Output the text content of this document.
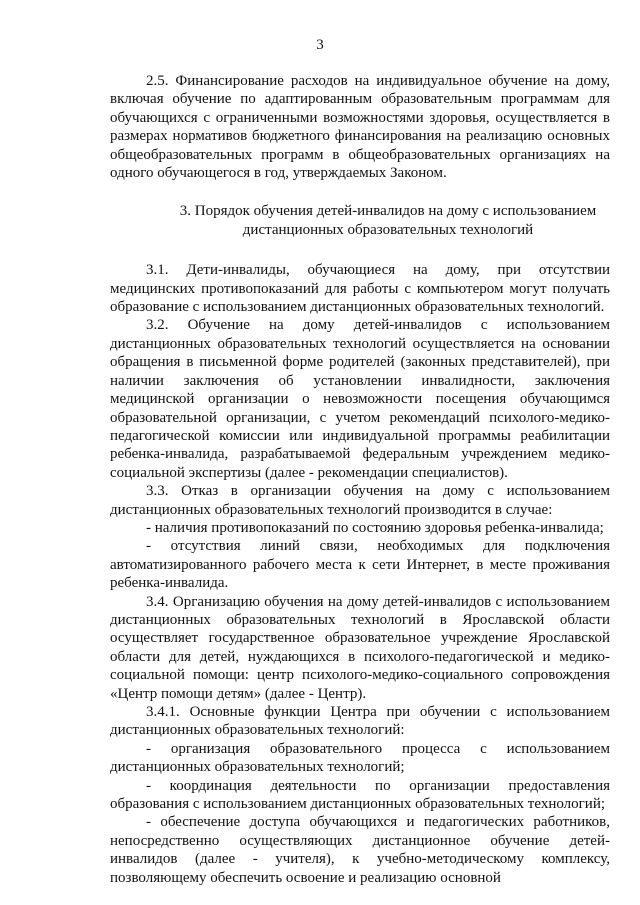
3

2.5. Финансирование расходов на индивидуальное обучение на дому, включая обучение по адаптированным образовательным программам для обучающихся с ограниченными возможностями здоровья, осуществляется в размерах нормативов бюджетного финансирования на реализацию основных общеобразовательных программ в общеобразовательных организациях на одного обучающегося в год, утверждаемых Законом.

3. Порядок обучения детей-инвалидов на дому с использованием
дистанционных образовательных технологий

3.1. Дети-инвалиды, обучающиеся на дому, при отсутствии медицинских противопоказаний для работы с компьютером могут получать образование с использованием дистанционных образовательных технологий.

3.2. Обучение на дому детей-инвалидов с использованием дистанционных образовательных технологий осуществляется на основании обращения в письменной форме родителей (законных представителей), при наличии заключения об установлении инвалидности, заключения медицинской организации о невозможности посещения обучающимся образовательной организации, с учетом рекомендаций психолого-медико-педагогической комиссии или индивидуальной программы реабилитации ребенка-инвалида, разрабатываемой федеральным учреждением медико-социальной экспертизы (далее - рекомендации специалистов).

3.3. Отказ в организации обучения на дому с использованием дистанционных образовательных технологий производится в случае:

- наличия противопоказаний по состоянию здоровья ребенка-инвалида;

- отсутствия линий связи, необходимых для подключения автоматизированного рабочего места к сети Интернет, в месте проживания ребенка-инвалида.

3.4. Организацию обучения на дому детей-инвалидов с использованием дистанционных образовательных технологий в Ярославской области осуществляет государственное образовательное учреждение Ярославской области для детей, нуждающихся в психолого-педагогической и медико-социальной помощи: центр психолого-медико-социального сопровождения «Центр помощи детям» (далее - Центр).

3.4.1. Основные функции Центра при обучении с использованием дистанционных образовательных технологий:

- организация образовательного процесса с использованием дистанционных образовательных технологий;

- координация деятельности по организации предоставления образования с использованием дистанционных образовательных технологий;

- обеспечение доступа обучающихся и педагогических работников, непосредственно осуществляющих дистанционное обучение детей-инвалидов (далее - учителя), к учебно-методическому комплексу, позволяющему обеспечить освоение и реализацию основной
